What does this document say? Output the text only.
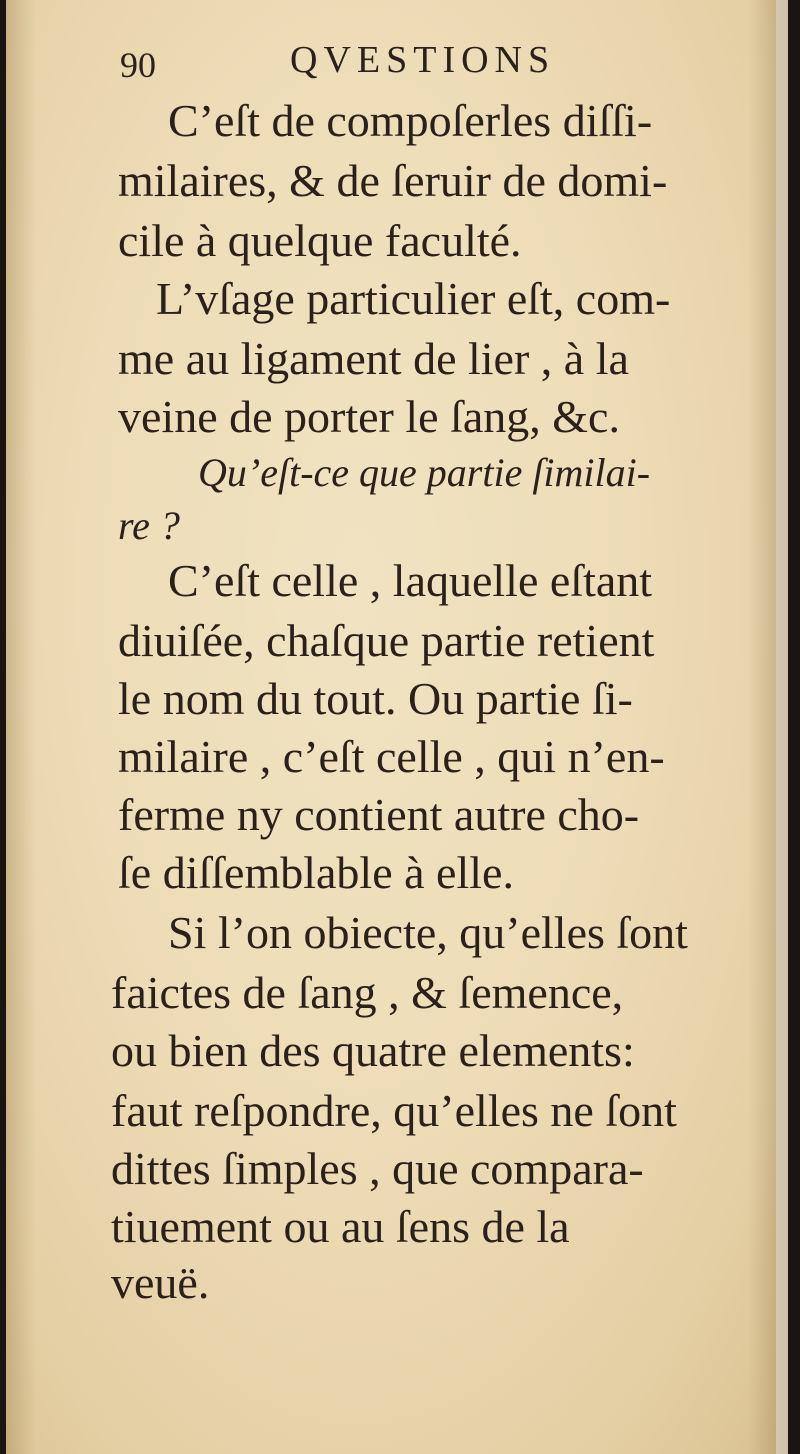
90	QVESTIONS
C’eſt de compoſerles diſſi-
milaires, & de ſeruir de domi-
cile à quelque faculté.
L’vſage particulier eſt, com-
me au ligament de lier , à la
veine de porter le ſang, &c.
Qu’eſt-ce que partie ſimilai-
re ?
C’eſt celle , laquelle eſtant
diuiſée, chaſque partie retient
le nom du tout. Ou partie ſi-
milaire , c’eſt celle , qui n’en-
ferme ny contient autre cho-
ſe diſſemblable à elle.
Si l’on obiecte, qu’elles ſont
faictes de ſang , & ſemence,
ou bien des quatre elements:
faut reſpondre, qu’elles ne ſont
dittes ſimples , que compara-
tiuement ou au ſens de la
veuë.
